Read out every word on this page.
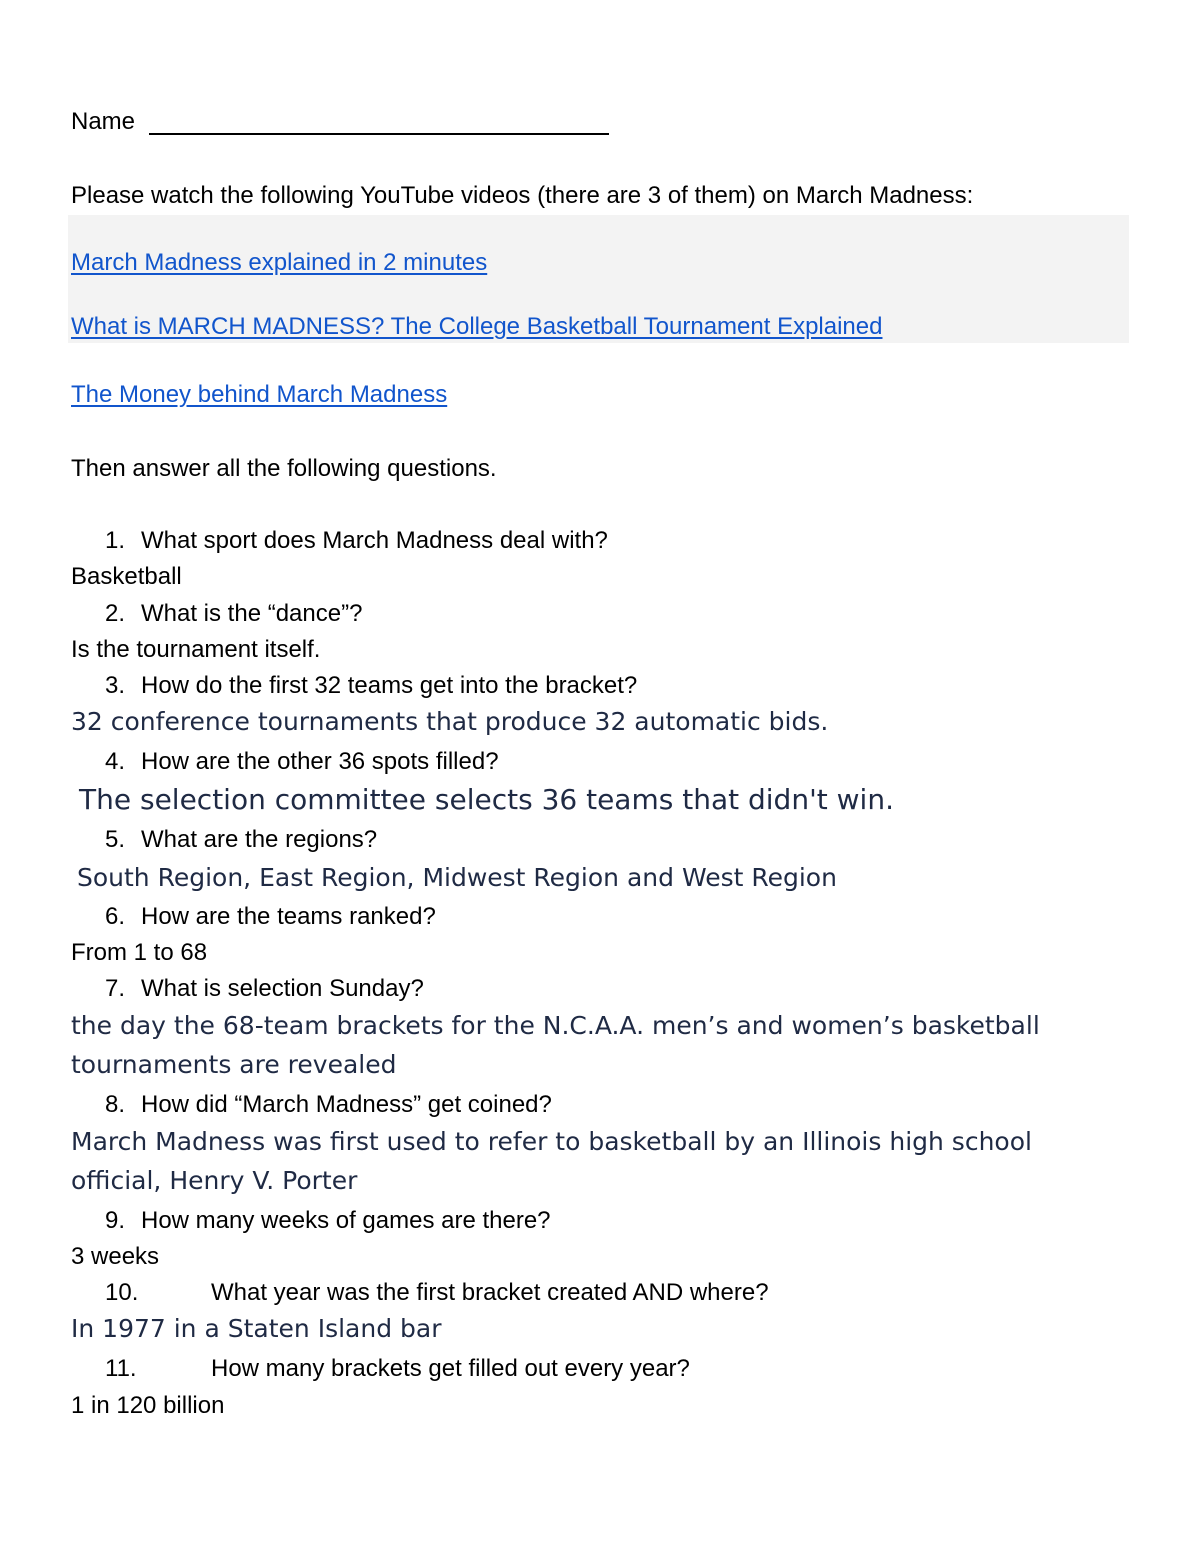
Name
Please watch the following YouTube videos (there are 3 of them) on March Madness:
March Madness explained in 2 minutes
What is MARCH MADNESS? The College Basketball Tournament Explained
The Money behind March Madness
Then answer all the following questions.
1. What sport does March Madness deal with?
Basketball
2. What is the “dance”?
Is the tournament itself.
3. How do the first 32 teams get into the bracket?
32 conference tournaments that produce 32 automatic bids.
4. How are the other 36 spots filled?
The selection committee selects 36 teams that didn't win.
5. What are the regions?
South Region, East Region, Midwest Region and West Region
6. How are the teams ranked?
From 1 to 68
7. What is selection Sunday?
the day the 68-team brackets for the N.C.A.A. men’s and women’s basketball
tournaments are revealed
8. How did “March Madness” get coined?
March Madness was first used to refer to basketball by an Illinois high school
official, Henry V. Porter
9. How many weeks of games are there?
3 weeks
10.	What year was the first bracket created AND where?
In 1977 in a Staten Island bar
11.	How many brackets get filled out every year?
1 in 120 billion
